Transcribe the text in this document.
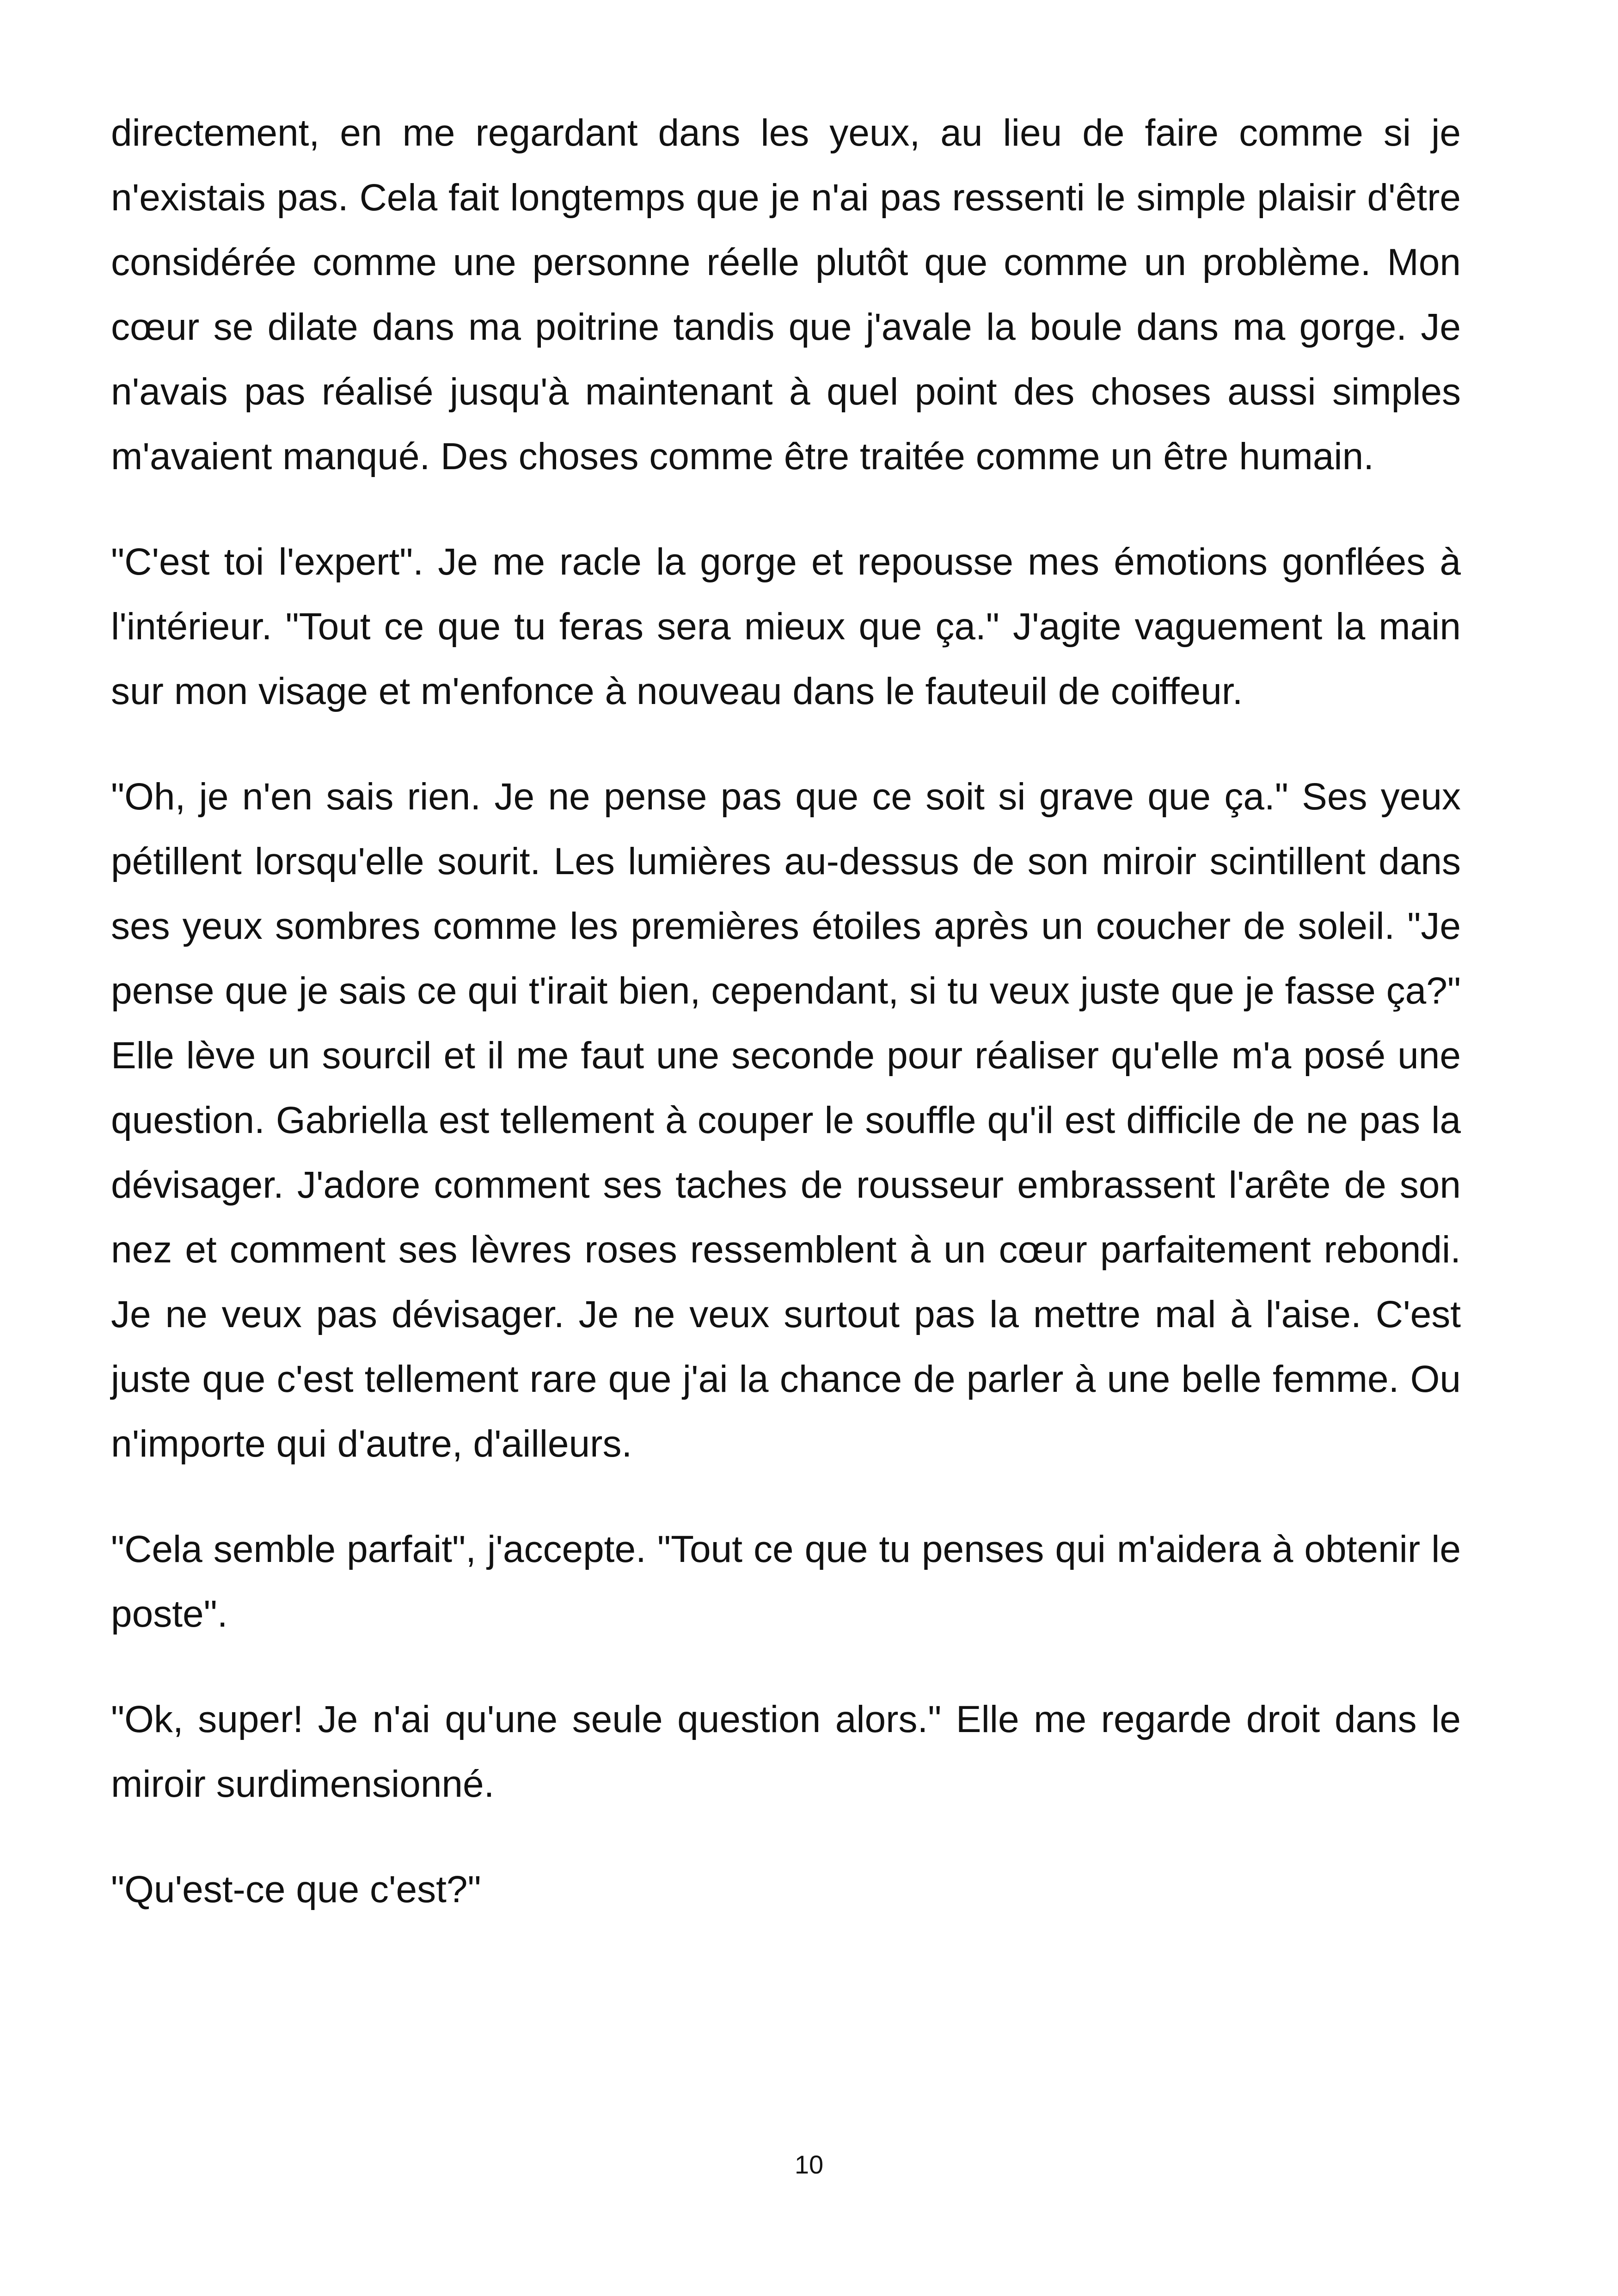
directement, en me regardant dans les yeux, au lieu de faire comme si je n'existais pas. Cela fait longtemps que je n'ai pas ressenti le simple plaisir d'être considérée comme une personne réelle plutôt que comme un problème. Mon cœur se dilate dans ma poitrine tandis que j'avale la boule dans ma gorge. Je n'avais pas réalisé jusqu'à maintenant à quel point des choses aussi simples m'avaient manqué. Des choses comme être traitée comme un être humain.

"C'est toi l'expert". Je me racle la gorge et repousse mes émotions gonflées à l'intérieur. "Tout ce que tu feras sera mieux que ça." J'agite vaguement la main sur mon visage et m'enfonce à nouveau dans le fauteuil de coiffeur.

"Oh, je n'en sais rien. Je ne pense pas que ce soit si grave que ça." Ses yeux pétillent lorsqu'elle sourit. Les lumières au-dessus de son miroir scintillent dans ses yeux sombres comme les premières étoiles après un coucher de soleil. "Je pense que je sais ce qui t'irait bien, cependant, si tu veux juste que je fasse ça?" Elle lève un sourcil et il me faut une seconde pour réaliser qu'elle m'a posé une question. Gabriella est tellement à couper le souffle qu'il est difficile de ne pas la dévisager. J'adore comment ses taches de rousseur embrassent l'arête de son nez et comment ses lèvres roses ressemblent à un cœur parfaitement rebondi. Je ne veux pas dévisager. Je ne veux surtout pas la mettre mal à l'aise. C'est juste que c'est tellement rare que j'ai la chance de parler à une belle femme. Ou n'importe qui d'autre, d'ailleurs.

"Cela semble parfait", j'accepte. "Tout ce que tu penses qui m'aidera à obtenir le poste".

"Ok, super! Je n'ai qu'une seule question alors." Elle me regarde droit dans le miroir surdimensionné.

"Qu'est-ce que c'est?"

10
